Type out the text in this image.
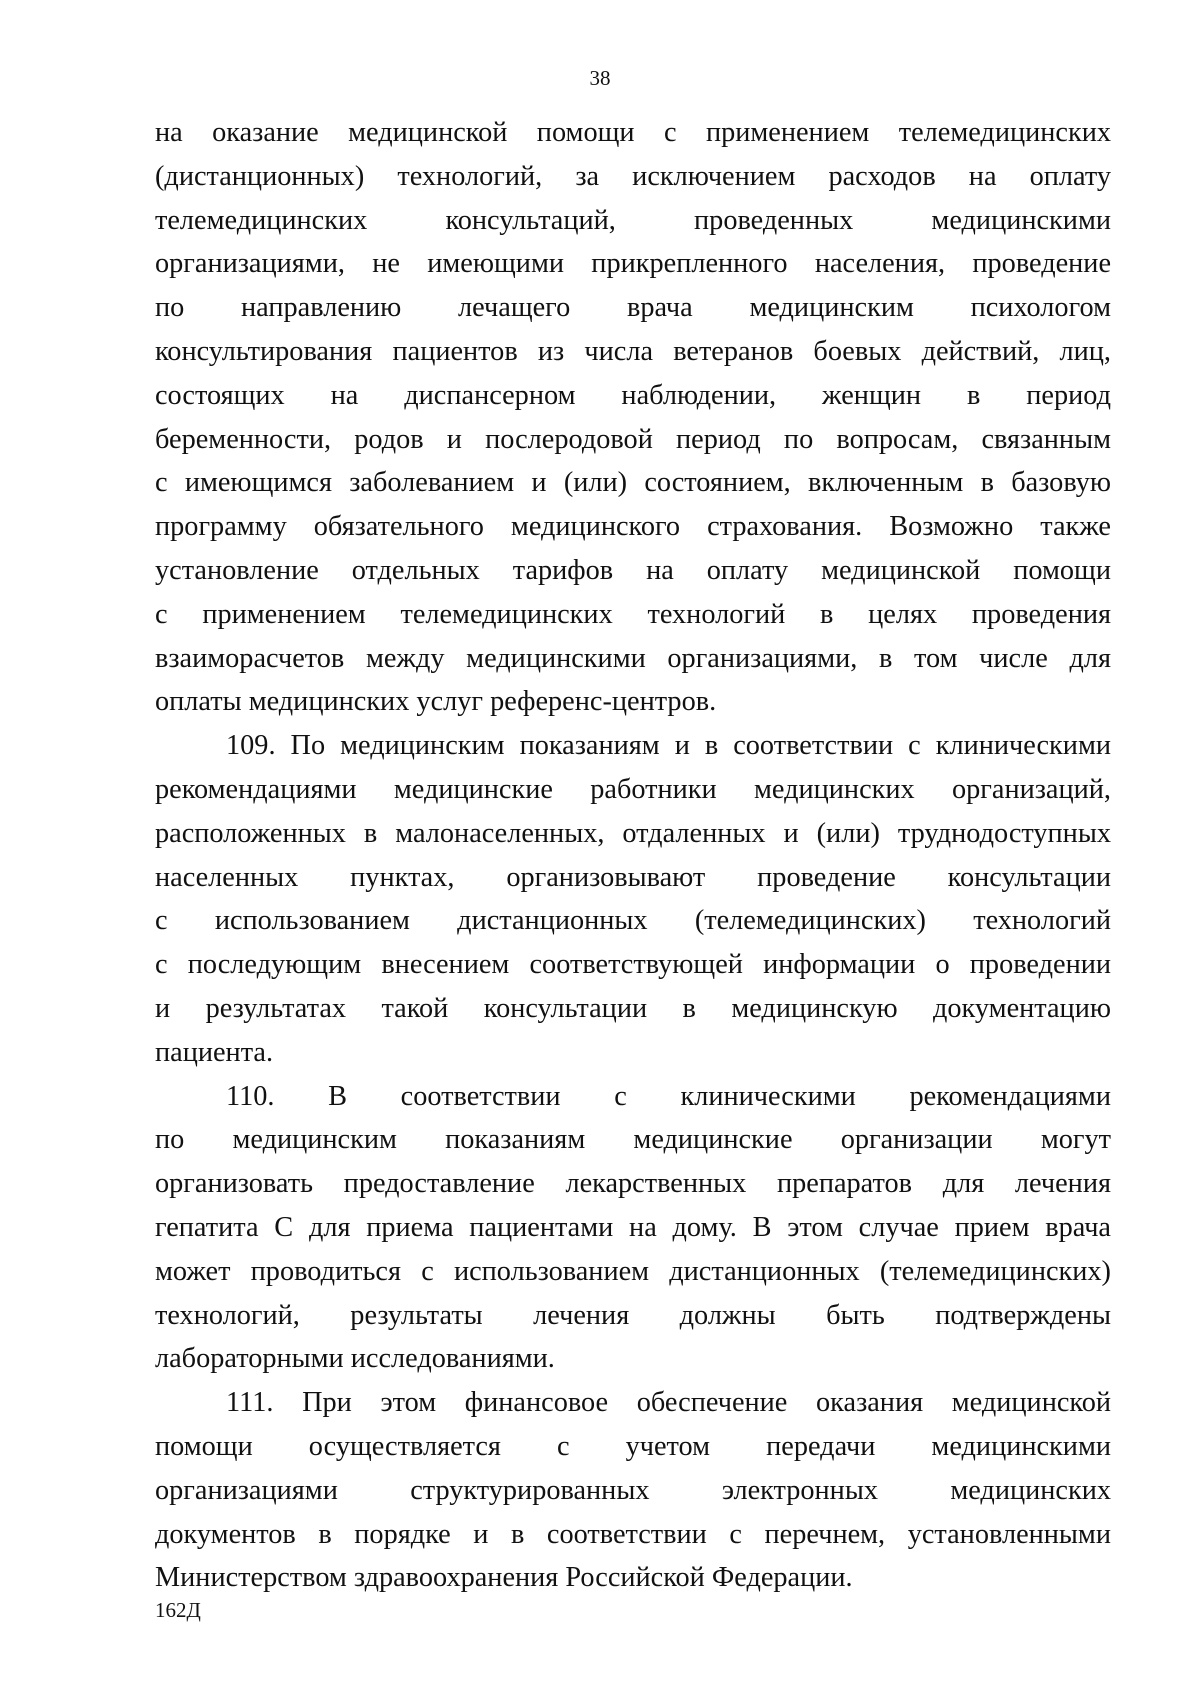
38
на оказание медицинской помощи с применением телемедицинских
(дистанционных) технологий, за исключением расходов на оплату
телемедицинских консультаций, проведенных медицинскими
организациями, не имеющими прикрепленного населения, проведение
по направлению лечащего врача медицинским психологом
консультирования пациентов из числа ветеранов боевых действий, лиц,
состоящих на диспансерном наблюдении, женщин в период
беременности, родов и послеродовой период по вопросам, связанным
с имеющимся заболеванием и (или) состоянием, включенным в базовую
программу обязательного медицинского страхования. Возможно также
установление отдельных тарифов на оплату медицинской помощи
с применением телемедицинских технологий в целях проведения
взаиморасчетов между медицинскими организациями, в том числе для
оплаты медицинских услуг референс-центров.
109. По медицинским показаниям и в соответствии с клиническими
рекомендациями медицинские работники медицинских организаций,
расположенных в малонаселенных, отдаленных и (или) труднодоступных
населенных пунктах, организовывают проведение консультации
с использованием дистанционных (телемедицинских) технологий
с последующим внесением соответствующей информации о проведении
и результатах такой консультации в медицинскую документацию
пациента.
110. В соответствии с клиническими рекомендациями
по медицинским показаниям медицинские организации могут
организовать предоставление лекарственных препаратов для лечения
гепатита С для приема пациентами на дому. В этом случае прием врача
может проводиться с использованием дистанционных (телемедицинских)
технологий, результаты лечения должны быть подтверждены
лабораторными исследованиями.
111. При этом финансовое обеспечение оказания медицинской
помощи осуществляется с учетом передачи медицинскими
организациями структурированных электронных медицинских
документов в порядке и в соответствии с перечнем, установленными
Министерством здравоохранения Российской Федерации.
162Д
